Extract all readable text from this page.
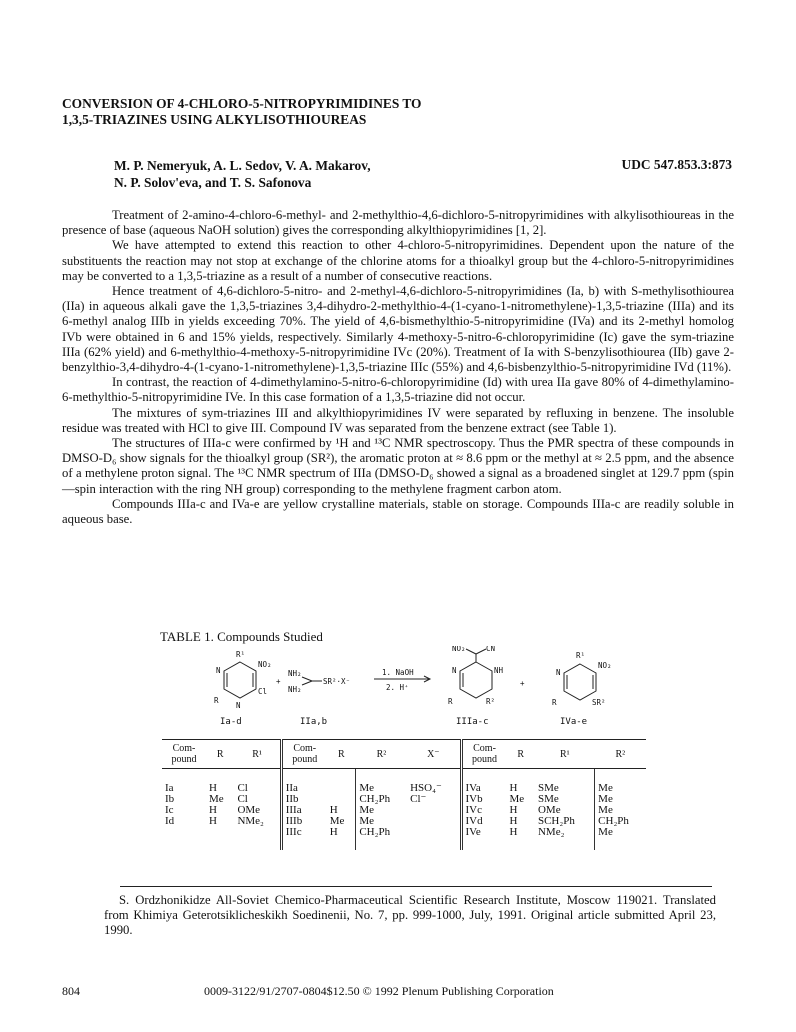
CONVERSION OF 4-CHLORO-5-NITROPYRIMIDINES TO
1,3,5-TRIAZINES USING ALKYLISOTHIOUREAS
M. P. Nemeryuk, A. L. Sedov, V. A. Makarov,
N. P. Solov'eva, and T. S. Safonova
UDC 547.853.3:873

Treatment of 2-amino-4-chloro-6-methyl- and 2-methylthio-4,6-dichloro-5-nitropyrimidines with alkylisothioureas in the presence of base (aqueous NaOH solution) gives the corresponding alkylthiopyrimidines [1, 2].

We have attempted to extend this reaction to other 4-chloro-5-nitropyrimidines. Dependent upon the nature of the substituents the reaction may not stop at exchange of the chlorine atoms for a thioalkyl group but the 4-chloro-5-nitropyrimidines may be converted to a 1,3,5-triazine as a result of a number of consecutive reactions.

Hence treatment of 4,6-dichloro-5-nitro- and 2-methyl-4,6-dichloro-5-nitropyrimidines (Ia, b) with S-methylisothiourea (IIa) in aqueous alkali gave the 1,3,5-triazines 3,4-dihydro-2-methylthio-4-(1-cyano-1-nitromethylene)-1,3,5-triazine (IIIa) and its 6-methyl analog IIIb in yields exceeding 70%. The yield of 4,6-bismethylthio-5-nitropyrimidine (IVa) and its 2-methyl homolog IVb were obtained in 6 and 15% yields, respectively. Similarly 4-methoxy-5-nitro-6-chloropyrimidine (Ic) gave the sym-triazine IIIa (62% yield) and 6-methylthio-4-methoxy-5-nitropyrimidine IVc (20%). Treatment of Ia with S-benzylisothiourea (IIb) gave 2-benzylthio-3,4-dihydro-4-(1-cyano-1-nitromethylene)-1,3,5-triazine IIIc (55%) and 4,6-bisbenzylthio-5-nitropyrimidine IVd (11%).

In contrast, the reaction of 4-dimethylamino-5-nitro-6-chloropyrimidine (Id) with urea IIa gave 80% of 4-dimethylamino-6-methylthio-5-nitropyrimidine IVe. In this case formation of a 1,3,5-triazine did not occur.

The mixtures of sym-triazines III and alkylthiopyrimidines IV were separated by refluxing in benzene. The insoluble residue was treated with HCl to give III. Compound IV was separated from the benzene extract (see Table 1).

The structures of IIIa-c were confirmed by ¹H and ¹³C NMR spectroscopy. Thus the PMR spectra of these compounds in DMSO-D₆ show signals for the thioalkyl group (SR²), the aromatic proton at ≈ 8.6 ppm or the methyl at ≈ 2.5 ppm, and the absence of a methylene proton signal. The ¹³C NMR spectrum of IIIa (DMSO-D₆ showed a signal as a broadened singlet at 129.7 ppm (spin—spin interaction with the ring NH group) corresponding to the methylene fragment carbon atom.

Compounds IIIa-c and IVa-e are yellow crystalline materials, stable on storage. Compounds IIIa-c are readily soluble in aqueous base.

TABLE 1. Compounds Studied
R¹
NO₂
N
Cl
R
N
+
NH₂
NH₂
SR²·X⁻
1. NaOH
2. H⁺
NO₂	CN
N	NH
R	R²
+
R¹
NO₂
N
R	SR²
Ia-d	IIa,b	IIIa-c	IVa-e
Com- pound	R	R¹	Com- pound	R	R²	X⁻	Com- pound	R	R¹	R²
Ia	H	Cl	IIa		Me	HSO₄⁻	IVa	H	SMe	Me
Ib	Me	Cl	IIb		CH₂Ph	Cl⁻	IVb	Me	SMe	Me
Ic	H	OMe	IIIa	H	Me		IVc	H	OMe	Me
Id	H	NMe₂	IIIb	Me	Me		IVd	H	SCH₂Ph	CH₂Ph
			IIIc	H	CH₂Ph		IVe	H	NMe₂	Me

S. Ordzhonikidze All-Soviet Chemico-Pharmaceutical Scientific Research Institute, Moscow 119021. Translated from Khimiya Geterotsiklicheskikh Soedinenii, No. 7, pp. 999-1000, July, 1991. Original article submitted April 23, 1990.
804	0009-3122/91/2707-0804$12.50 © 1992 Plenum Publishing Corporation
